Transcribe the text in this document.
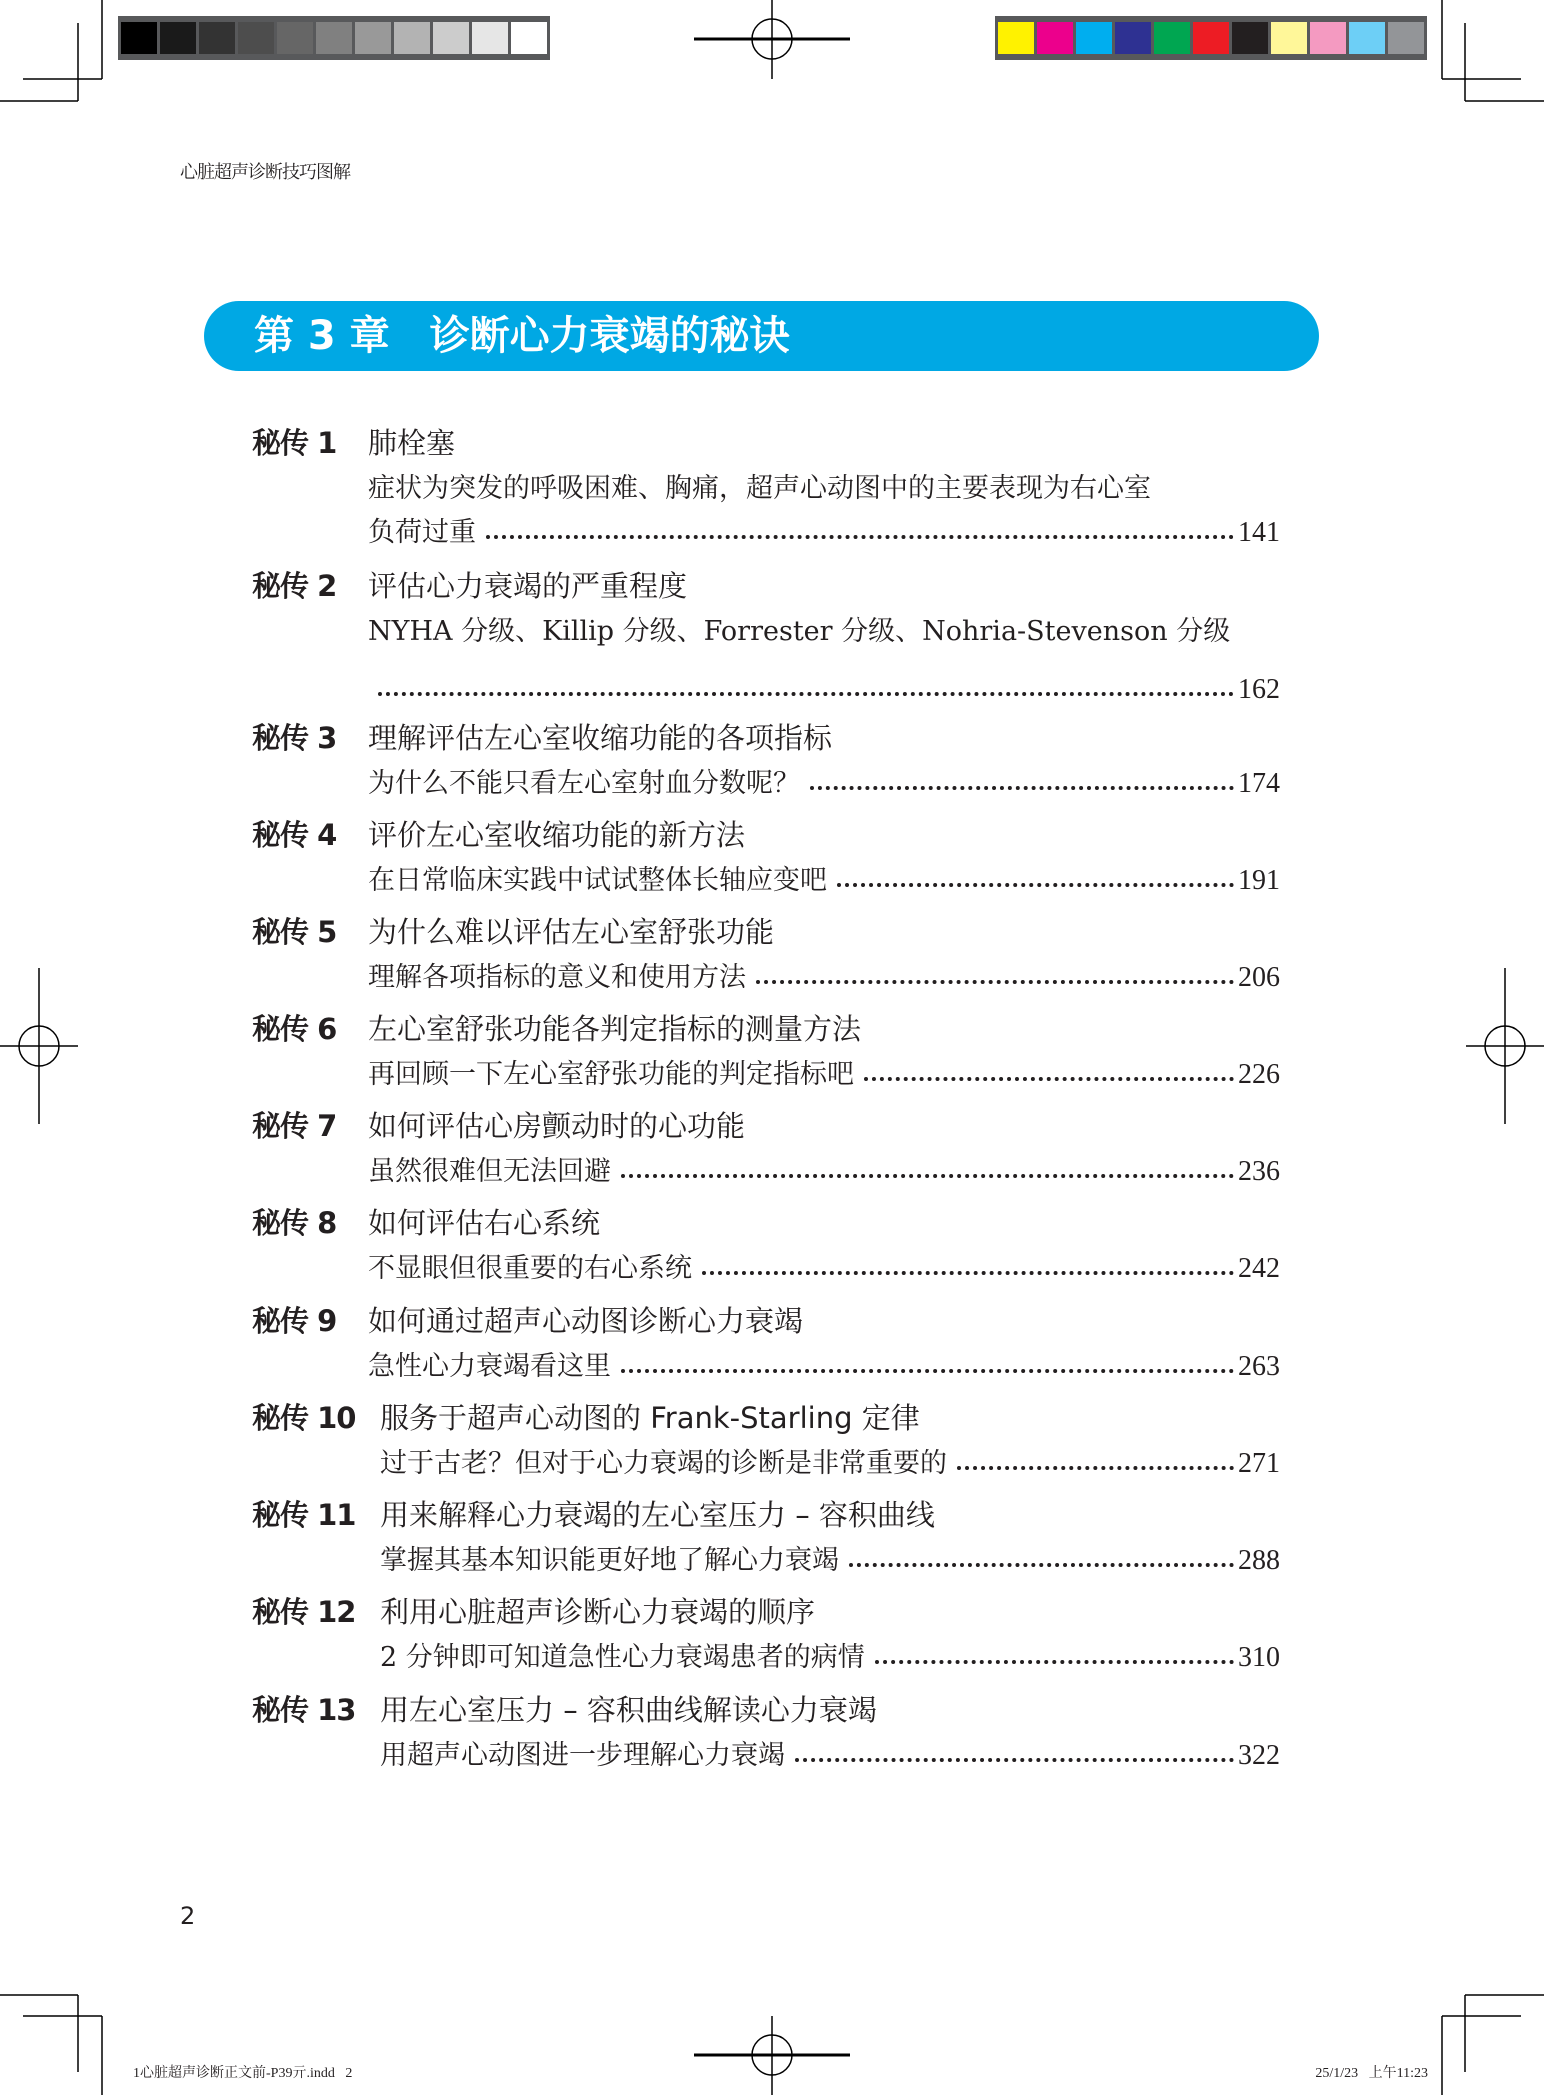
心脏超声诊断技巧图解
第 3 章　诊断心力衰竭的秘诀
秘传 1	肺栓塞
症状为突发的呼吸困难、胸痛，超声心动图中的主要表现为右心室
负荷过重	141
秘传 2	评估心力衰竭的严重程度
NYHA 分级、Killip 分级、Forrester 分级、Nohria-Stevenson 分级
162
秘传 3	理解评估左心室收缩功能的各项指标
为什么不能只看左心室射血分数呢？	174
秘传 4	评价左心室收缩功能的新方法
在日常临床实践中试试整体长轴应变吧	191
秘传 5	为什么难以评估左心室舒张功能
理解各项指标的意义和使用方法	206
秘传 6	左心室舒张功能各判定指标的测量方法
再回顾一下左心室舒张功能的判定指标吧	226
秘传 7	如何评估心房颤动时的心功能
虽然很难但无法回避	236
秘传 8	如何评估右心系统
不显眼但很重要的右心系统	242
秘传 9	如何通过超声心动图诊断心力衰竭
急性心力衰竭看这里	263
秘传 10 服务于超声心动图的 Frank-Starling 定律
过于古老？但对于心力衰竭的诊断是非常重要的	271
秘传 11 用来解释心力衰竭的左心室压力 – 容积曲线
掌握其基本知识能更好地了解心力衰竭	288
秘传 12 利用心脏超声诊断心力衰竭的顺序
2 分钟即可知道急性心力衰竭患者的病情	310
秘传 13 用左心室压力 – 容积曲线解读心力衰竭
用超声心动图进一步理解心力衰竭	322
2
1心脏超声诊断正文前-P39亓.indd   2	25/1/23   上午11:23
